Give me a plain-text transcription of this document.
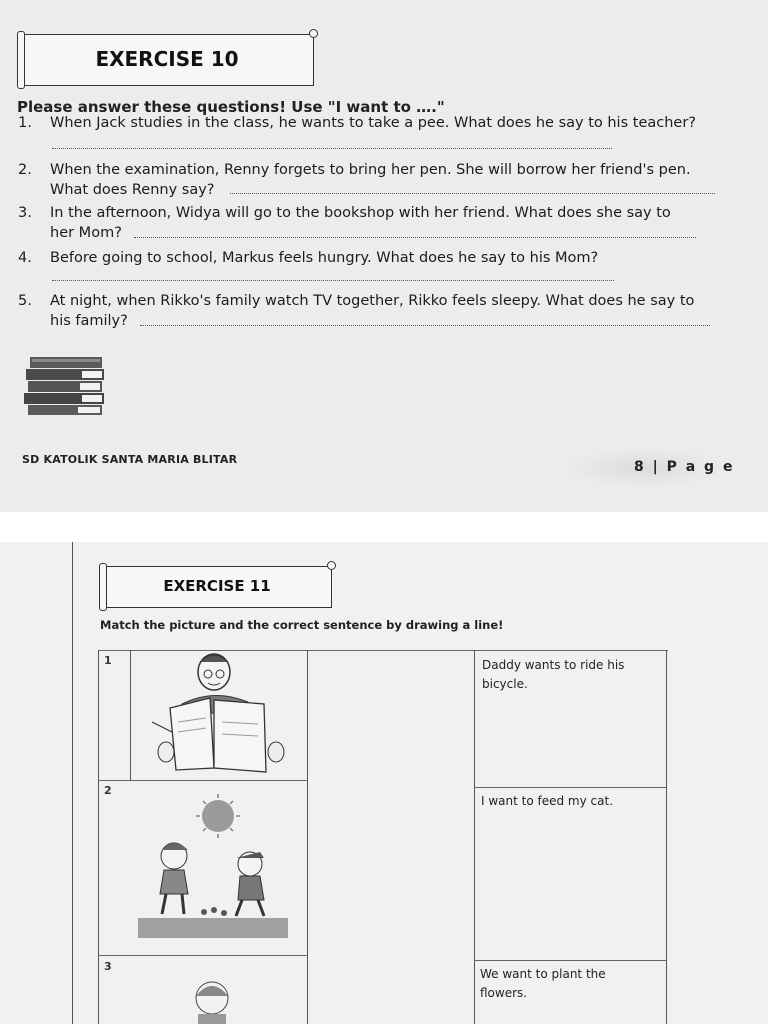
EXERCISE 10
Please answer these questions! Use "I want to …."
1. When Jack studies in the class, he wants to take a pee. What does he say to his teacher?
2. When the examination, Renny forgets to bring her pen. She will borrow her friend's pen.
What does Renny say?
3. In the afternoon, Widya will go to the bookshop with her friend. What does she say to
her Mom?
4. Before going to school, Markus feels hungry. What does he say to his Mom?
5. At night, when Rikko's family watch TV together, Rikko feels sleepy. What does he say to
his family?
SD KATOLIK SANTA MARIA BLITAR	8 | P a g e
EXERCISE 11
Match the picture and the correct sentence by drawing a line!
1	Daddy wants to ride his
bicycle.
2
I want to feed my cat.
3
We want to plant the
flowers.
